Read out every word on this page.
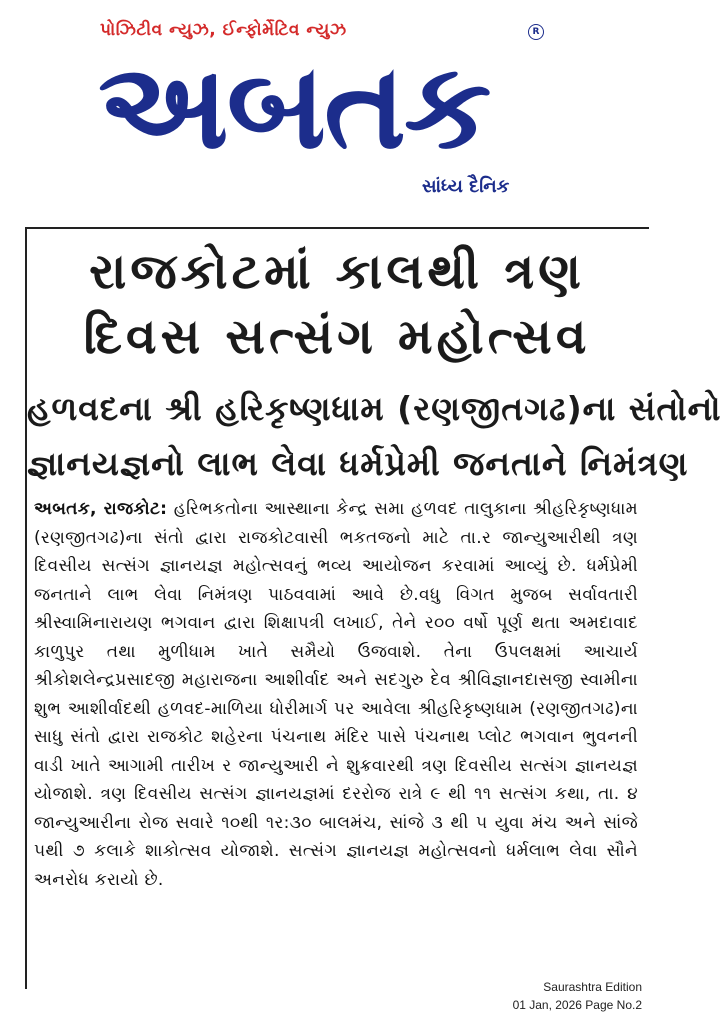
પોઝિટીવ ન્યુઝ, ઈન્ફોર્મેટિવ ન્યુઝ	R
અબતક
સાંધ્ય દૈનિક
રાજકોટમાં કાલથી ત્રણ
દિવસ સત્સંગ મહોત્સવ
હળવદના શ્રી હરિકૃષ્ણધામ (રણજીતગઢ)ના સંતોનો
જ્ઞાનયજ્ઞનો લાભ લેવા ધર્મપ્રેમી જનતાને નિમંત્રણ
અબતક, રાજકોટ: હરિભકતોના આસ્થાના કેન્દ્ર સમા હળવદ તાલુકાના શ્રીહરિકૃષ્ણધામ (રણજીતગઢ)ના સંતો દ્વારા રાજકોટવાસી ભકતજનો માટે તા.ર જાન્યુઆરીથી ત્રણ દિવસીય સત્સંગ જ્ઞાનયજ્ઞ મહોત્સવનું ભવ્ય આયોજન કરવામાં આવ્યું છે. ધર્મપ્રેમી જનતાને લાભ લેવા નિમંત્રણ પાઠવવામાં આવે છે.વધુ વિગત મુજબ સર્વાવતારી શ્રીસ્વામિનારાયણ ભગવાન દ્વારા શિક્ષાપત્રી લખાઈ, તેને ર૦૦ વર્ષો પૂર્ણ થતા અમદાવાદ કાળુપુર તથા મુળીધામ ખાતે સમૈયો ઉજવાશે. તેના ઉપલક્ષમાં આચાર્ય શ્રીકોશલેન્દ્રપ્રસાદજી મહારાજના આશીર્વાદ અને સદગુરુ દેવ શ્રીવિજ્ઞાનદાસજી સ્વામીના શુભ આશીર્વાદથી હળવદ-માળિયા ધોરીમાર્ગ પર આવેલા શ્રીહરિકૃષ્ણધામ (રણજીતગઢ)ના સાધુ સંતો દ્વારા રાજકોટ શહેરના પંચનાથ મંદિર પાસે પંચનાથ પ્લોટ ભગવાન ભુવનની વાડી ખાતે આગામી તારીખ ર જાન્યુઆરી ને શુક્રવારથી ત્રણ દિવસીય સત્સંગ જ્ઞાનયજ્ઞ યોજાશે. ત્રણ દિવસીય સત્સંગ જ્ઞાનયજ્ઞમાં દરરોજ રાત્રે ૯ થી ૧૧ સત્સંગ કથા, તા. ૪ જાન્યુઆરીના રોજ સવારે ૧૦થી ૧ર:૩૦ બાલમંચ, સાંજે ૩ થી ૫ યુવા મંચ અને સાંજે ૫થી ૭ કલાકે શાકોત્સવ યોજાશે. સત્સંગ જ્ઞાનયજ્ઞ મહોત્સવનો ધર્મલાભ લેવા સૌને અનરોધ કરાયો છે.
Saurashtra Edition
01 Jan, 2026 Page No.2
